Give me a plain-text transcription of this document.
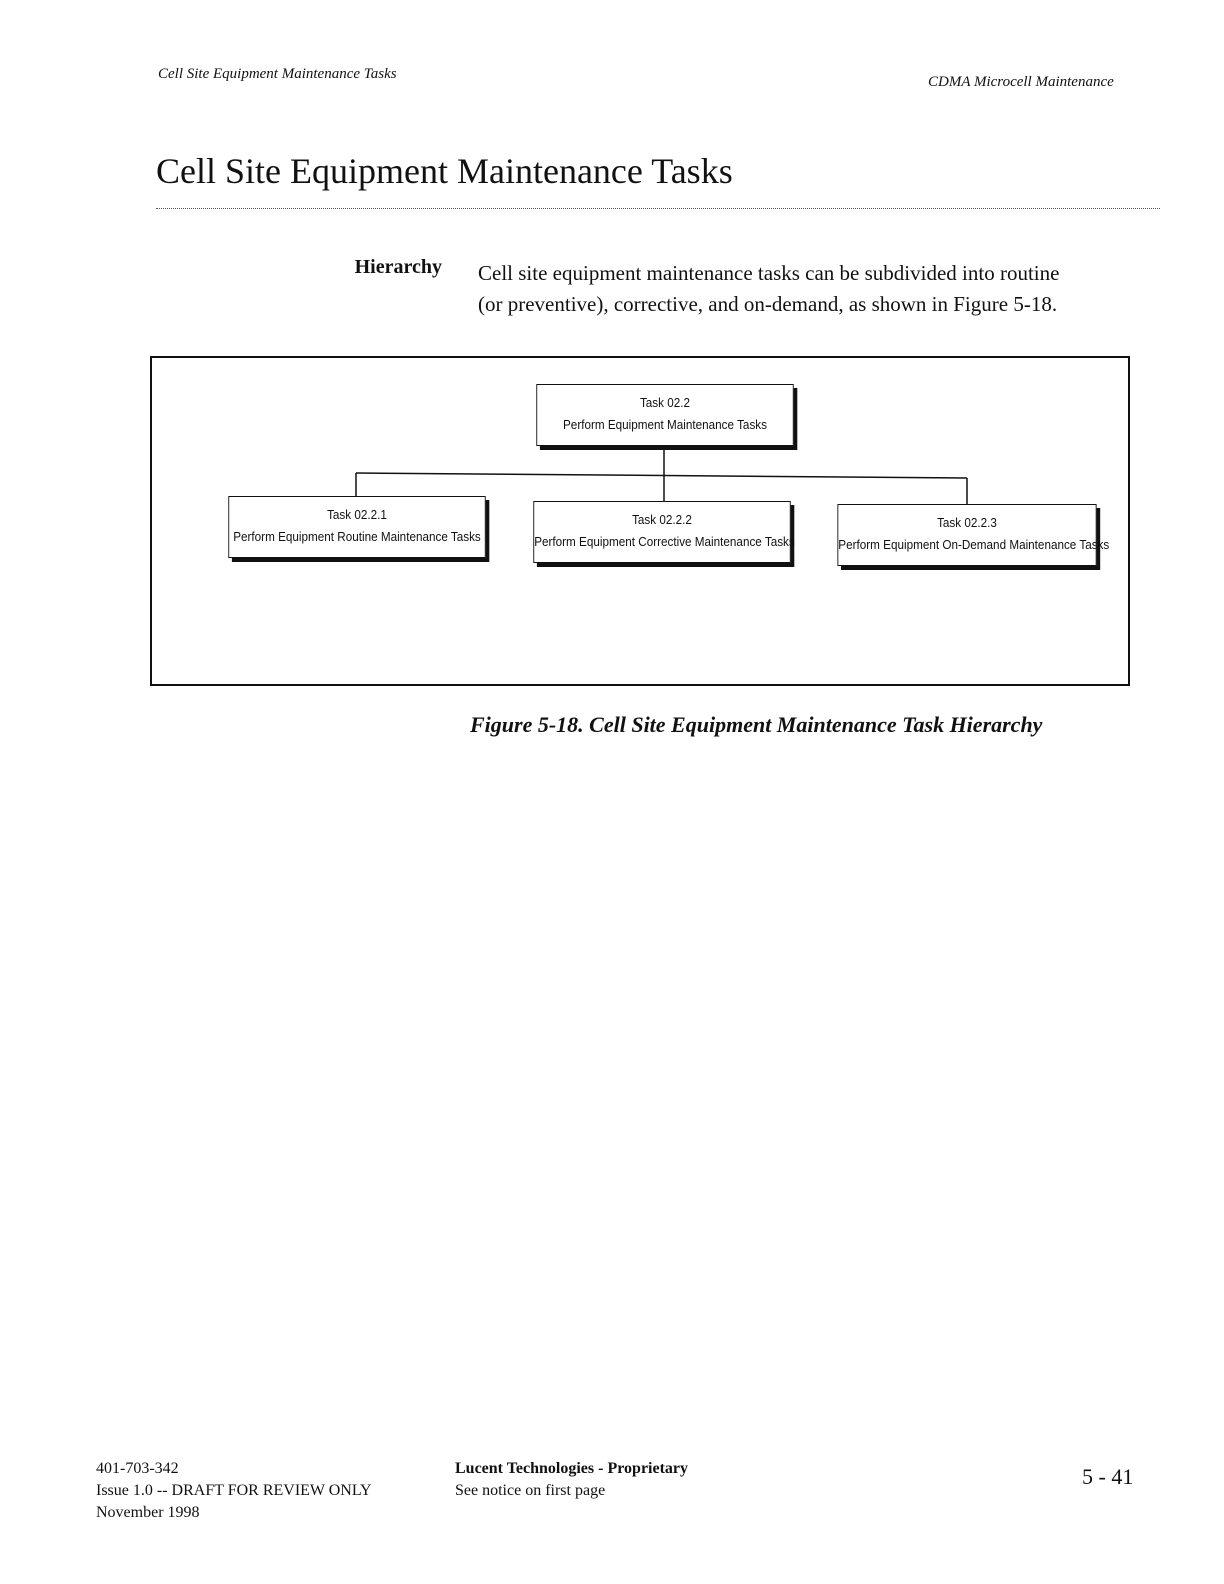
Cell Site Equipment Maintenance Tasks	CDMA Microcell Maintenance
Cell Site Equipment Maintenance Tasks
Hierarchy Cell site equipment maintenance tasks can be subdivided into routine
(or preventive), corrective, and on-demand, as shown in Figure 5-18.
Task 02.2
Perform Equipment Maintenance Tasks
Task 02.2.1
Perform Equipment Routine Maintenance Tasks
Task 02.2.2
Perform Equipment Corrective Maintenance Tasks
Task 02.2.3
Perform Equipment On-Demand Maintenance Tasks
Figure 5-18. Cell Site Equipment Maintenance Task Hierarchy
401-703-342
Issue 1.0 -- DRAFT FOR REVIEW ONLY
November 1998
Lucent Technologies - Proprietary
See notice on first page
5 - 41
